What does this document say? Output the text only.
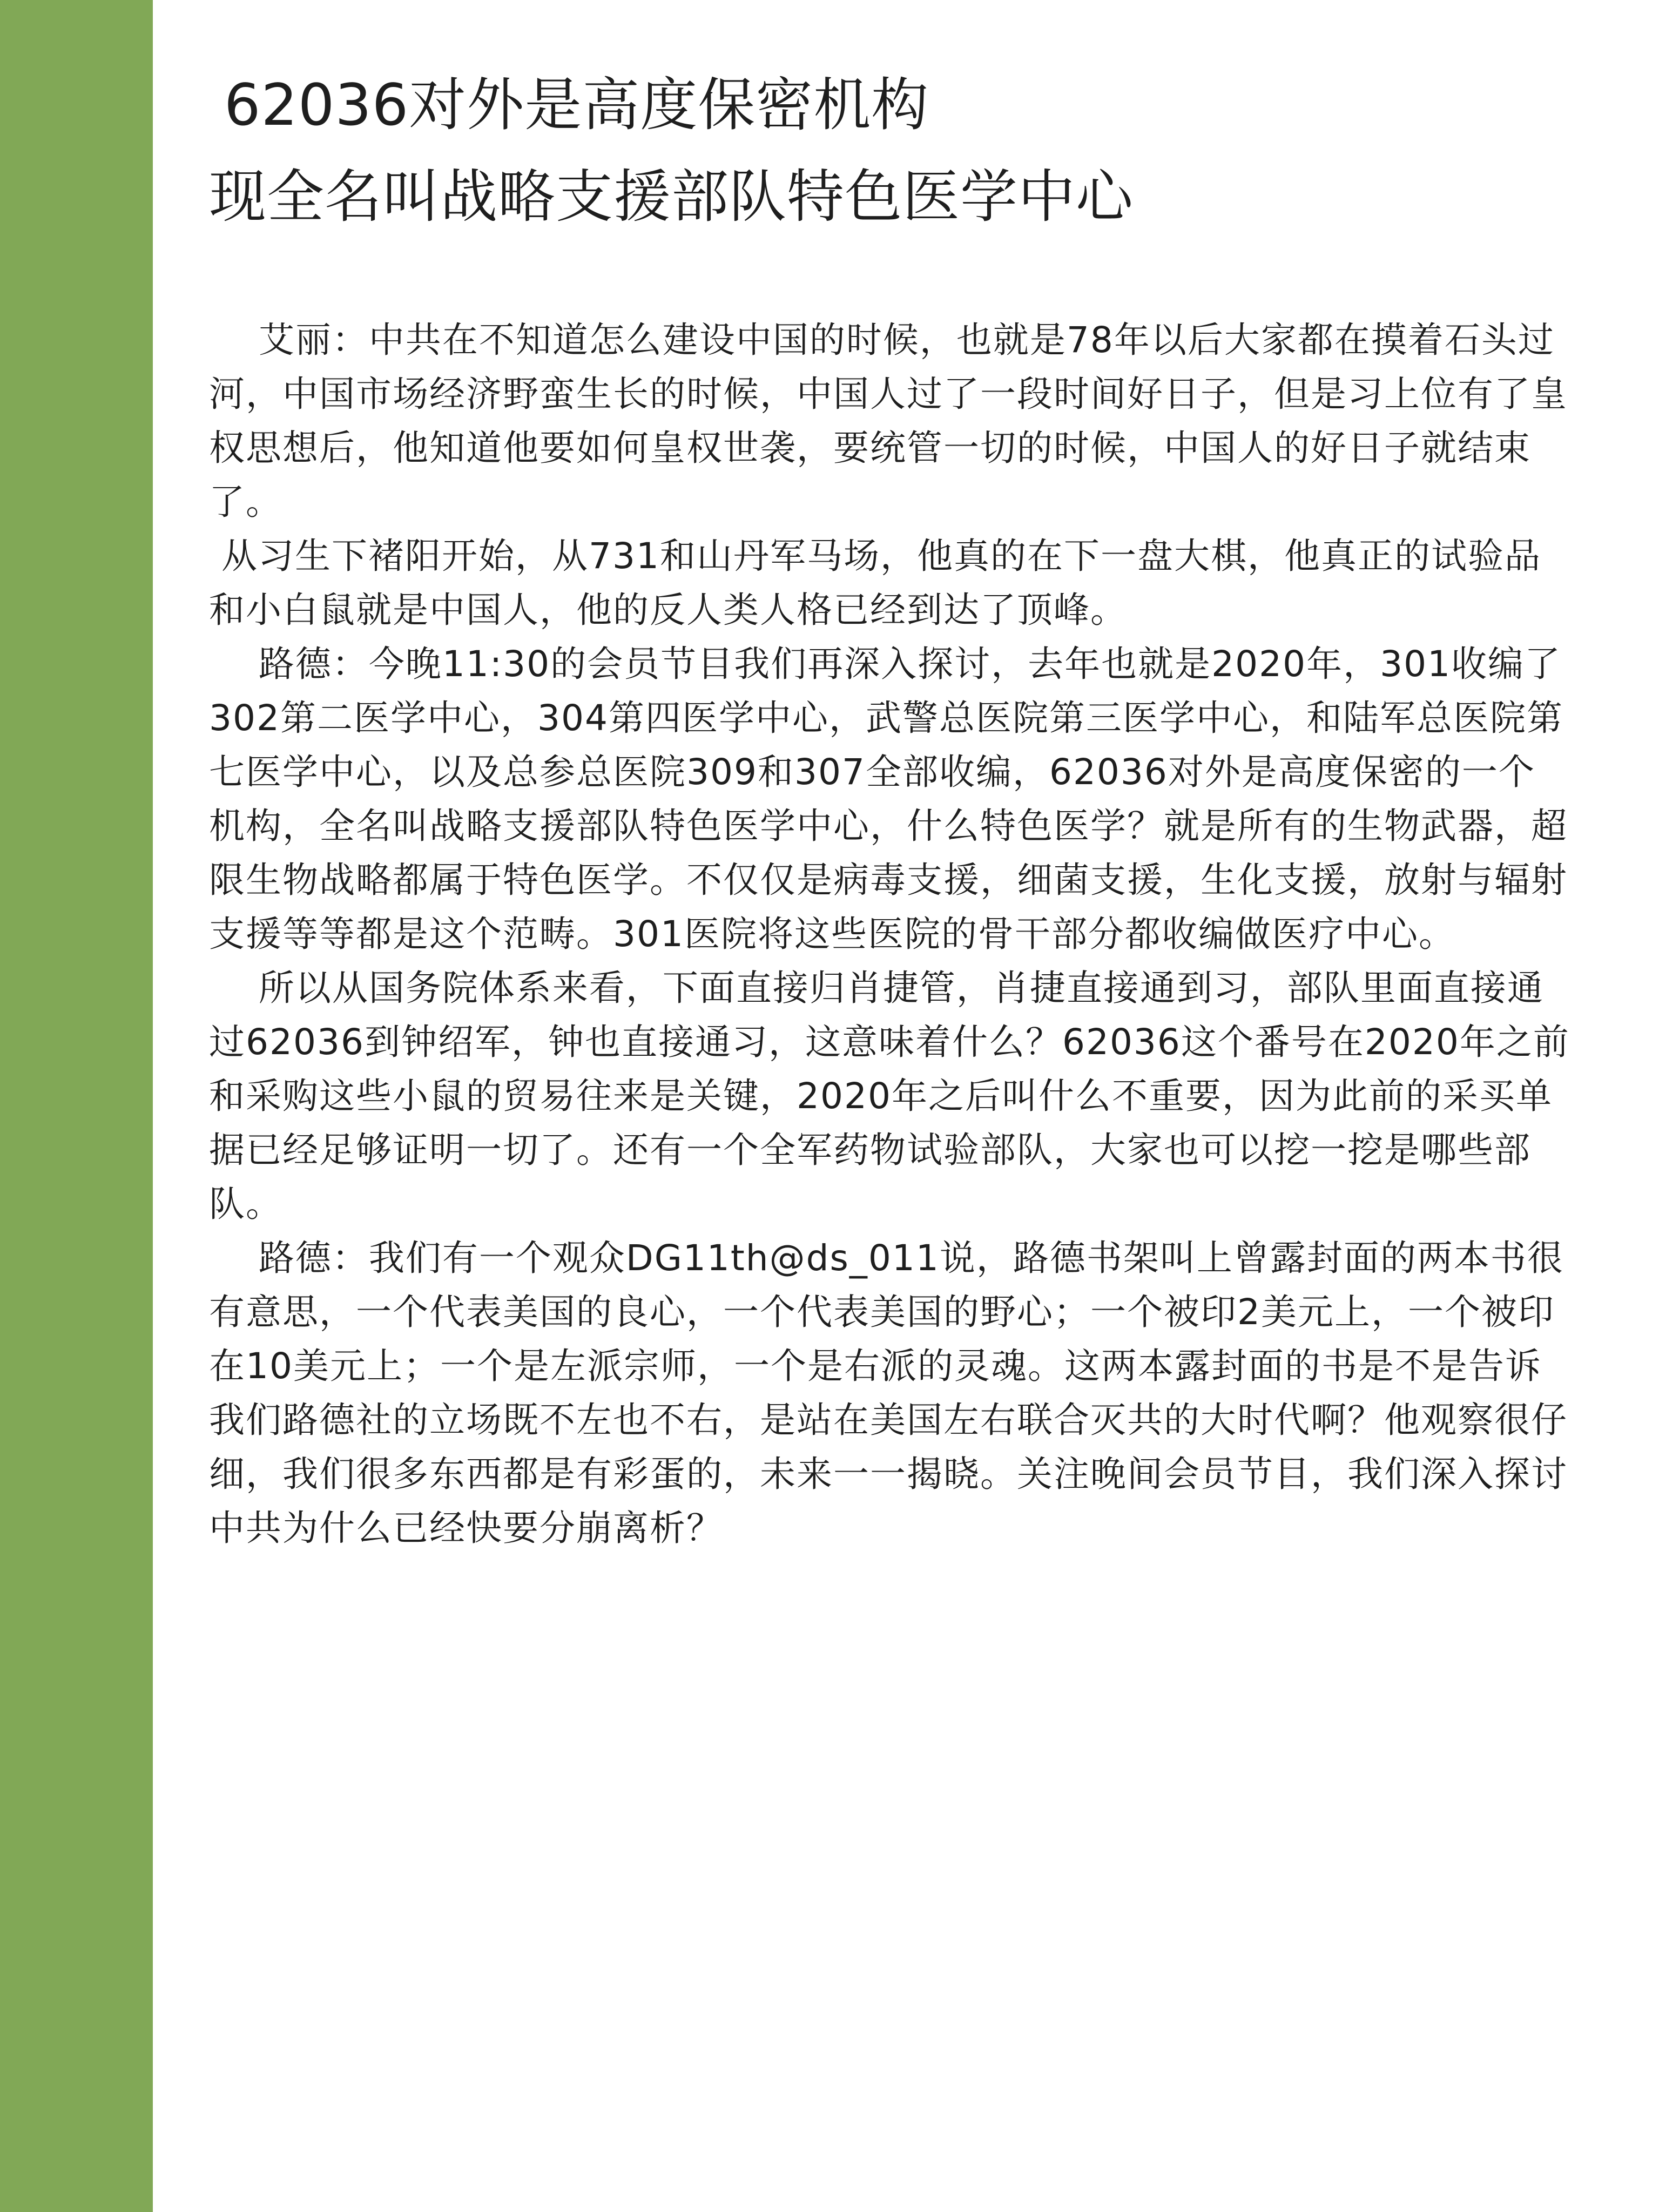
62036对外是高度保密机构
现全名叫战略支援部队特色医学中心

艾丽：中共在不知道怎么建设中国的时候，也就是78年以后大家都在摸着石头过河，中国市场经济野蛮生长的时候，中国人过了一段时间好日子，但是习上位有了皇权思想后，他知道他要如何皇权世袭，要统管一切的时候，中国人的好日子就结束了。

从习生下褚阳开始，从731和山丹军马场，他真的在下一盘大棋，他真正的试验品和小白鼠就是中国人，他的反人类人格已经到达了顶峰。

路德：今晚11:30的会员节目我们再深入探讨，去年也就是2020年，301收编了302第二医学中心，304第四医学中心，武警总医院第三医学中心，和陆军总医院第七医学中心，以及总参总医院309和307全部收编，62036对外是高度保密的一个机构，全名叫战略支援部队特色医学中心，什么特色医学？就是所有的生物武器，超限生物战略都属于特色医学。不仅仅是病毒支援，细菌支援，生化支援，放射与辐射支援等等都是这个范畴。301医院将这些医院的骨干部分都收编做医疗中心。

所以从国务院体系来看，下面直接归肖捷管，肖捷直接通到习，部队里面直接通过62036到钟绍军，钟也直接通习，这意味着什么？62036这个番号在2020年之前和采购这些小鼠的贸易往来是关键，2020年之后叫什么不重要，因为此前的采买单据已经足够证明一切了。还有一个全军药物试验部队，大家也可以挖一挖是哪些部队。

路德：我们有一个观众DG11th@ds_011说，路德书架叫上曾露封面的两本书很有意思，一个代表美国的良心，一个代表美国的野心；一个被印2美元上，一个被印在10美元上；一个是左派宗师，一个是右派的灵魂。这两本露封面的书是不是告诉我们路德社的立场既不左也不右，是站在美国左右联合灭共的大时代啊？他观察很仔细，我们很多东西都是有彩蛋的，未来一一揭晓。关注晚间会员节目，我们深入探讨中共为什么已经快要分崩离析？
